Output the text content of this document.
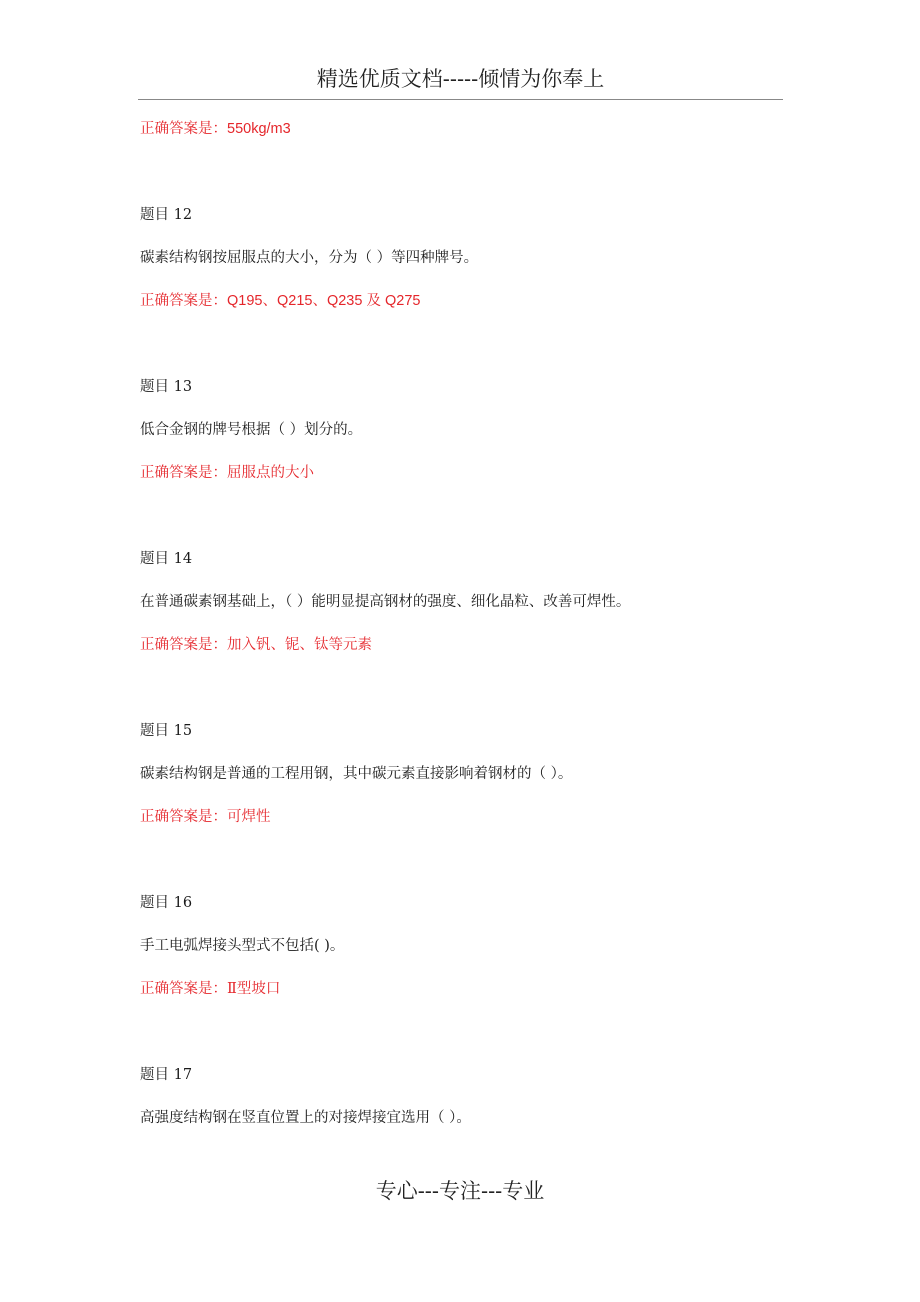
精选优质文档-----倾情为你奉上
正确答案是：550kg/m3
题目 12
碳素结构钢按屈服点的大小，分为（ ）等四种牌号。
正确答案是：Q195、Q215、Q235 及 Q275
题目 13
低合金钢的牌号根据（ ）划分的。
正确答案是：屈服点的大小
题目 14
在普通碳素钢基础上，（ ）能明显提高钢材的强度、细化晶粒、改善可焊性。
正确答案是：加入钒、铌、钛等元素
题目 15
碳素结构钢是普通的工程用钢，其中碳元素直接影响着钢材的（ ）。
正确答案是：可焊性
题目 16
手工电弧焊接头型式不包括( )。
正确答案是：Ⅱ型坡口
题目 17
高强度结构钢在竖直位置上的对接焊接宜选用（ ）。
专心---专注---专业
